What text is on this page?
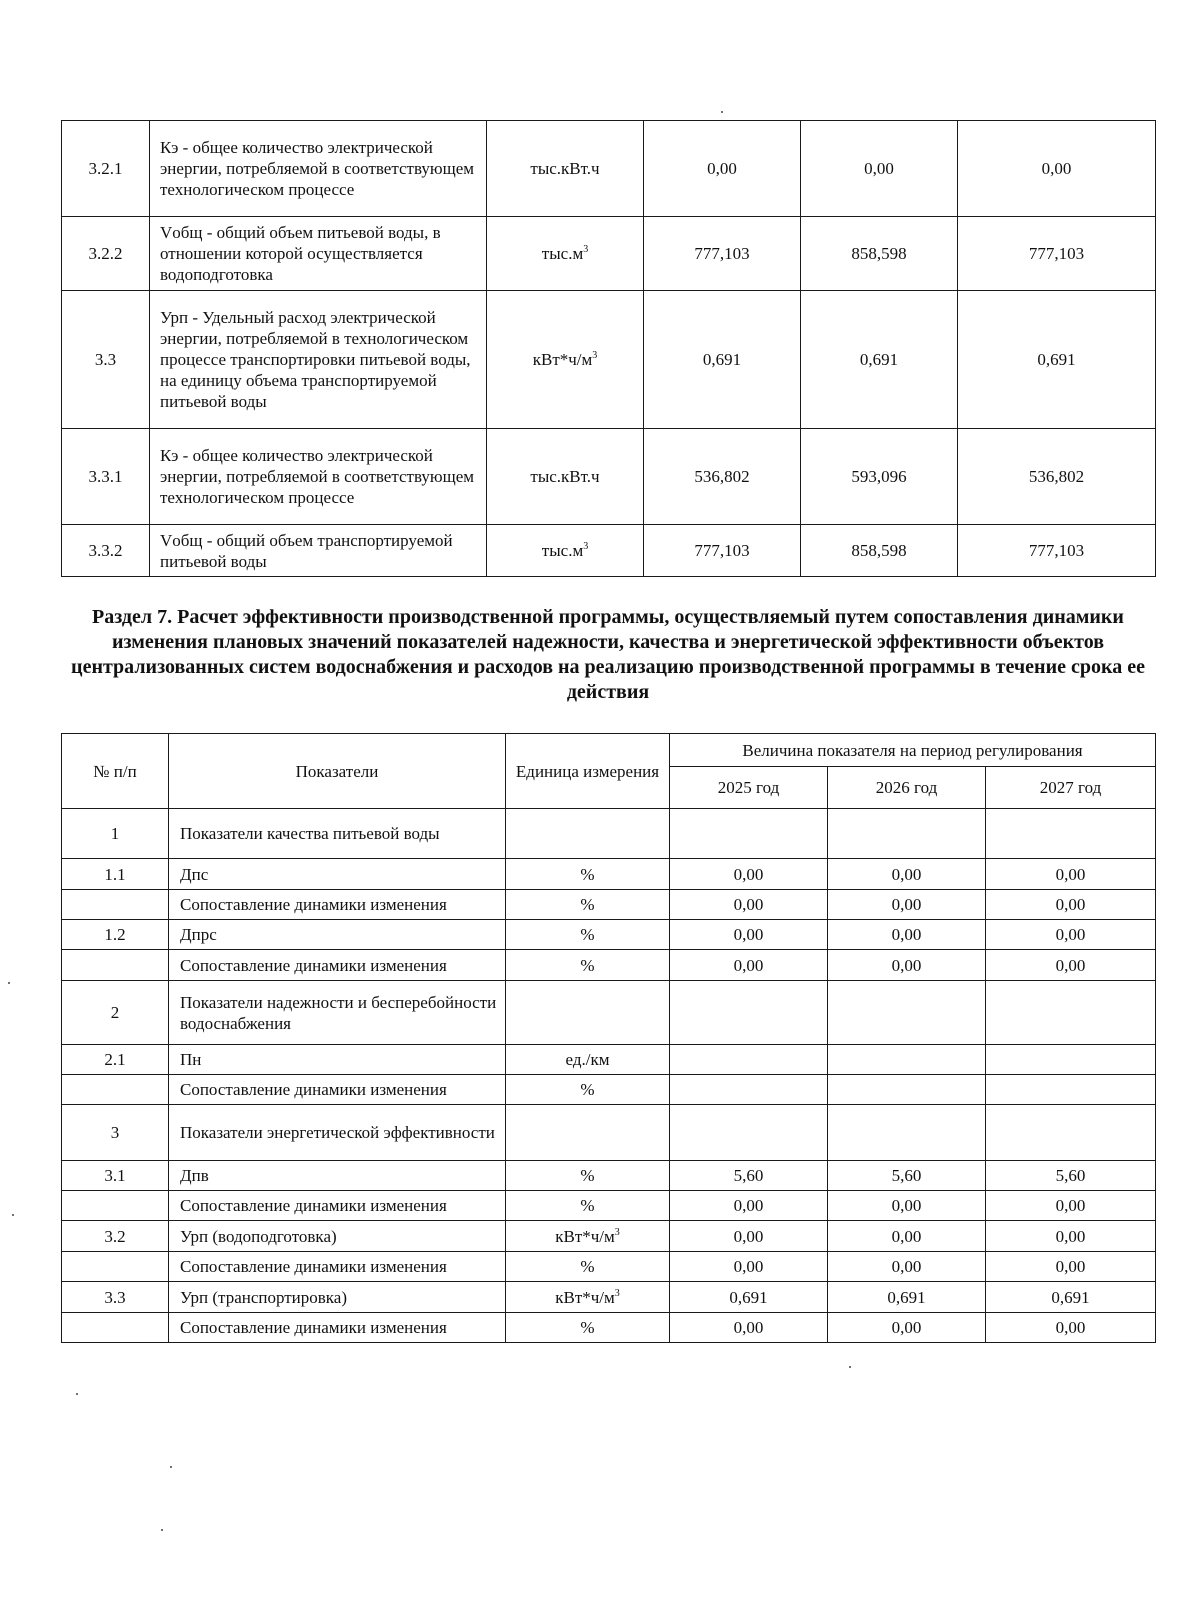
3.2.1	Кэ - общее количество электрической энергии, потребляемой в соответствующем технологическом процессе	тыс.кВт.ч	0,00	0,00	0,00
3.2.2	Vобщ - общий объем питьевой воды, в отношении которой осуществляется водоподготовка	$тыс.м^3$	777,103	858,598	777,103
3.3	Урп - Удельный расход электрической энергии, потребляемой в технологическом процессе транспортировки питьевой воды, на единицу объема транспортируемой питьевой воды	$кВт*ч/м^3$	0,691	0,691	0,691
3.3.1	Кэ - общее количество электрической энергии, потребляемой в соответствующем технологическом процессе	тыс.кВт.ч	536,802	593,096	536,802
3.3.2	Vобщ - общий объем транспортируемой питьевой воды	$тыс.м^3$	777,103	858,598	777,103
Раздел 7. Расчет эффективности производственной программы, осуществляемый путем сопоставления динамики изменения плановых значений показателей надежности, качества и энергетической эффективности объектов централизованных систем водоснабжения и расходов на реализацию производственной программы в течение срока ее действия
№ п/п	Показатели	Единица измерения	Величина показателя на период регулирования		
			2025 год	2026 год	2027 год
1	Показатели качества питьевой воды				
1.1	Дпс	%	0,00	0,00	0,00
	Сопоставление динамики изменения	%	0,00	0,00	0,00
1.2	Дпрс	%	0,00	0,00	0,00
	Сопоставление динамики изменения	%	0,00	0,00	0,00
2	Показатели надежности и бесперебойности водоснабжения				
2.1	Пн	ед./км			
	Сопоставление динамики изменения	%			
3	Показатели энергетической эффективности				
3.1	Дпв	%	5,60	5,60	5,60
	Сопоставление динамики изменения	%	0,00	0,00	0,00
3.2	Урп (водоподготовка)	$кВт*ч/м^3$	0,00	0,00	0,00
	Сопоставление динамики изменения	%	0,00	0,00	0,00
3.3	Урп (транспортировка)	$кВт*ч/м^3$	0,691	0,691	0,691
	Сопоставление динамики изменения	%	0,00	0,00	0,00
